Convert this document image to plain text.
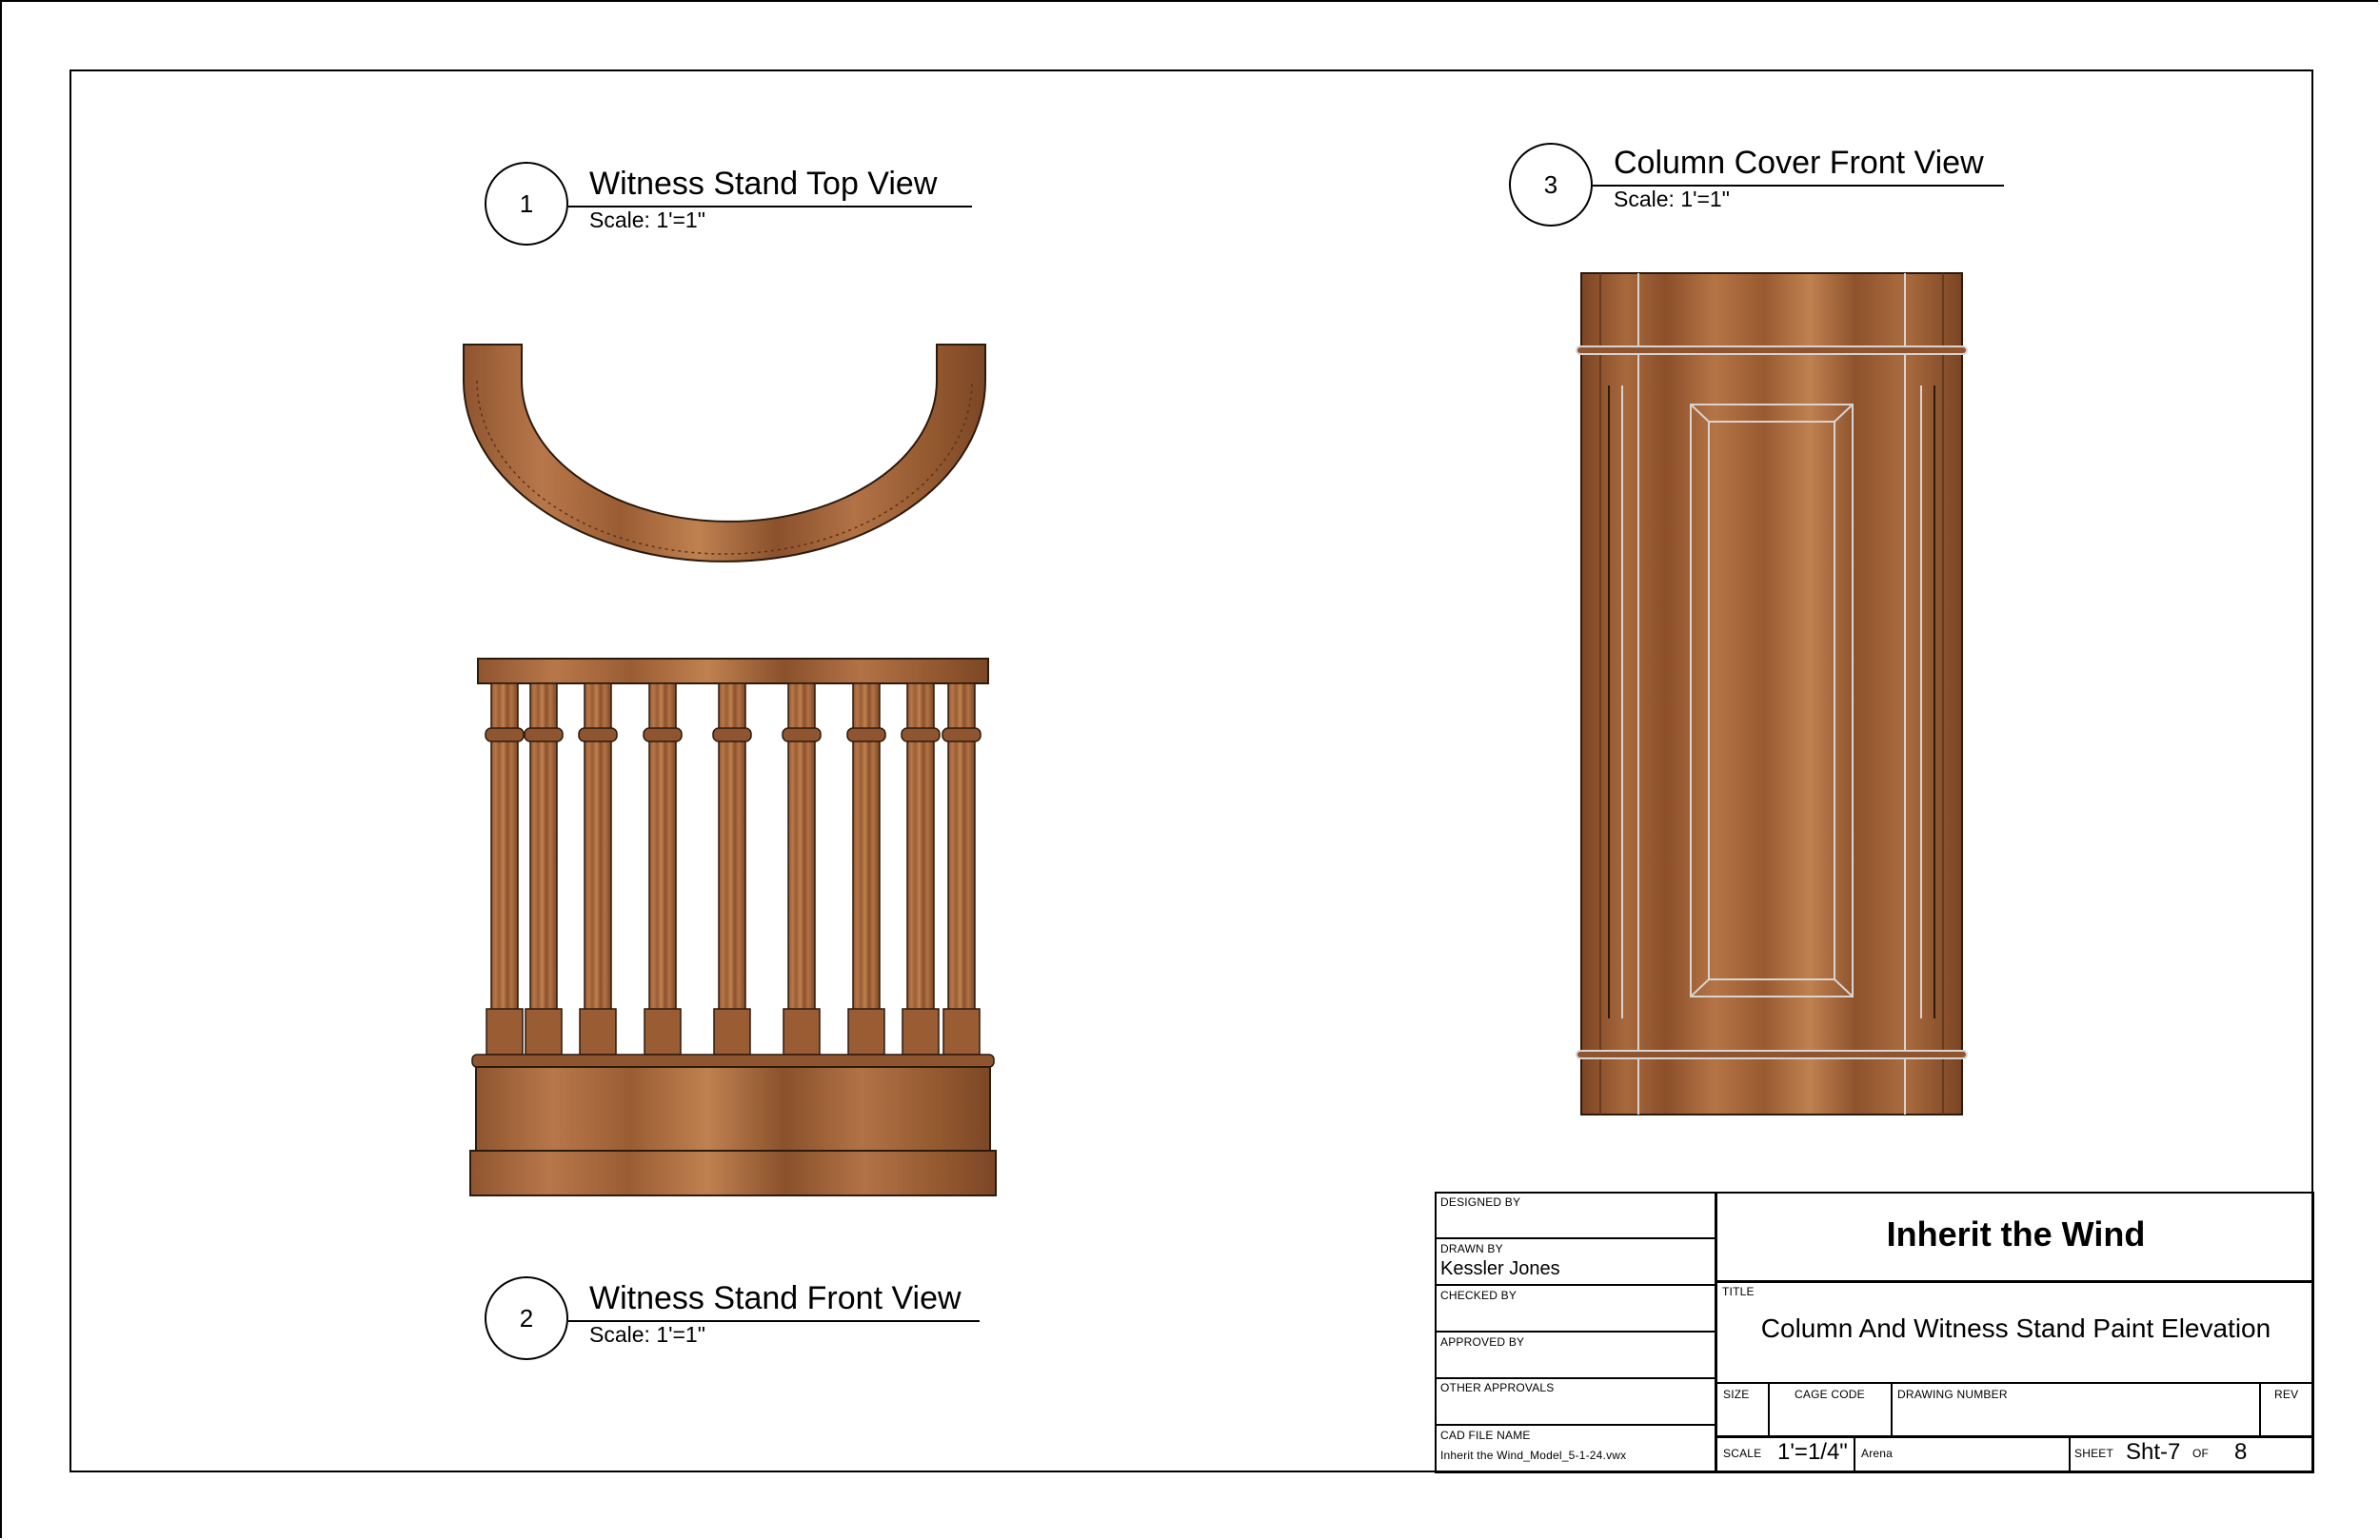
1
Witness Stand Top View
Scale: 1'=1"
2
Witness Stand Front View
Scale: 1'=1"
3
Column Cover Front View
Scale: 1'=1"
DESIGNED BY
DRAWN BY
Kessler Jones
CHECKED BY
APPROVED BY
OTHER APPROVALS
CAD FILE NAME
Inherit the Wind_Model_5-1-24.vwx
Inherit the Wind
TITLE
Column And Witness Stand Paint Elevation
SIZE	CAGE CODE	DRAWING NUMBER	REV
SCALE 1'=1/4" Arena	SHEET Sht-7 OF 8
